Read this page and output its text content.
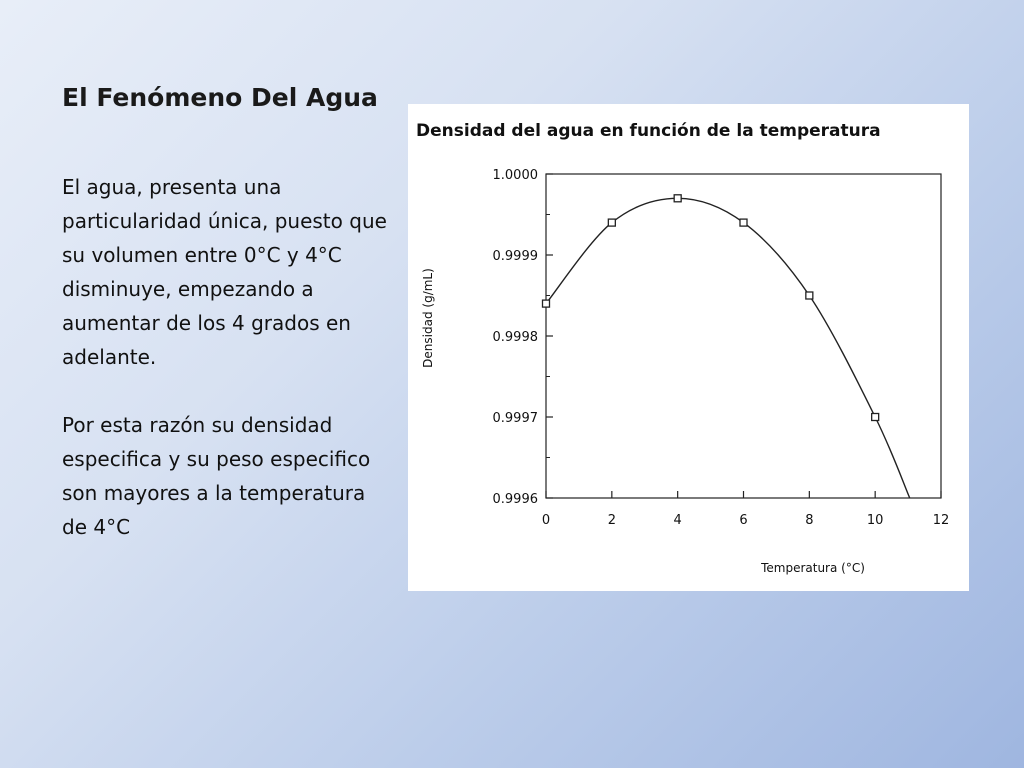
El Fenómeno Del Agua

El agua, presenta una particularidad única, puesto que su volumen entre 0°C y 4°C disminuye, empezando a aumentar de los 4 grados en adelante.

Por esta razón su densidad especifica y su peso especifico son mayores a la temperatura de 4°C

Densidad del agua en función de la temperatura
Densidad (g/mL)
Temperatura (°C)
1.0000
0.9999
0.9998
0.9997
0.9996
0	2	4	6	8	10	12
